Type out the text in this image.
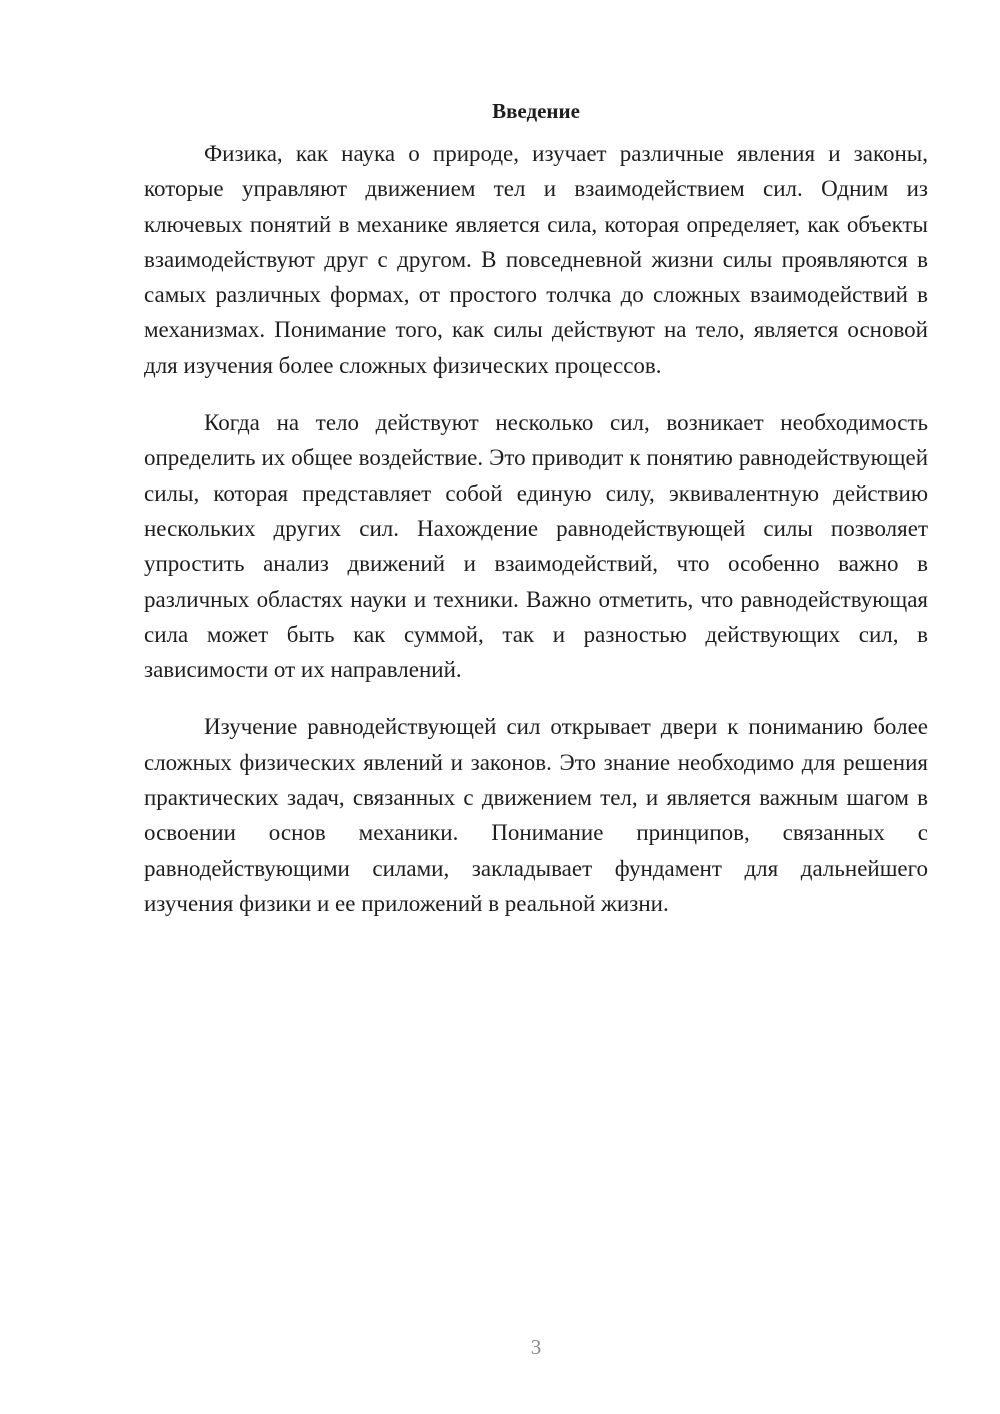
Введение

Физика, как наука о природе, изучает различные явления и законы, которые управляют движением тел и взаимодействием сил. Одним из ключевых понятий в механике является сила, которая определяет, как объекты взаимодействуют друг с другом. В повседневной жизни силы проявляются в самых различных формах, от простого толчка до сложных взаимодействий в механизмах. Понимание того, как силы действуют на тело, является основой для изучения более сложных физических процессов.

Когда на тело действуют несколько сил, возникает необходимость определить их общее воздействие. Это приводит к понятию равнодействующей силы, которая представляет собой единую силу, эквивалентную действию нескольких других сил. Нахождение равнодействующей силы позволяет упростить анализ движений и взаимодействий, что особенно важно в различных областях науки и техники. Важно отметить, что равнодействующая сила может быть как суммой, так и разностью действующих сил, в зависимости от их направлений.

Изучение равнодействующей сил открывает двери к пониманию более сложных физических явлений и законов. Это знание необходимо для решения практических задач, связанных с движением тел, и является важным шагом в освоении основ механики. Понимание принципов, связанных с равнодействующими силами, закладывает фундамент для дальнейшего изучения физики и ее приложений в реальной жизни.

3
